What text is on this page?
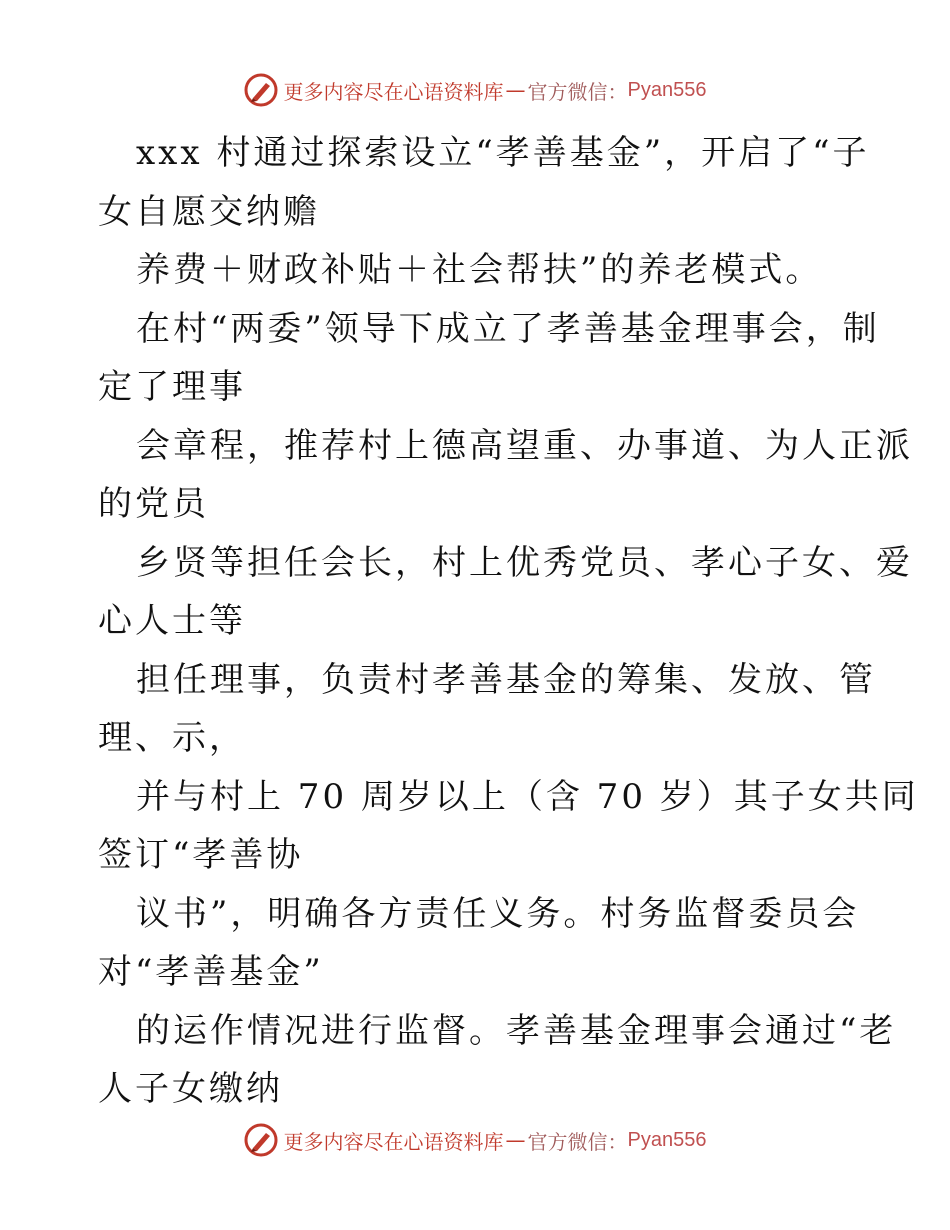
更多内容尽在心语资料库 — 官方微信： Pyan556
xxx 村通过探索设立“孝善基金”，开启了“子
女自愿交纳赡
养费＋财政补贴＋社会帮扶”的养老模式。
在村“两委”领导下成立了孝善基金理事会，制
定了理事
会章程，推荐村上德高望重、办事道、为人正派
的党员
乡贤等担任会长，村上优秀党员、孝心子女、爱
心人士等
担任理事，负责村孝善基金的筹集、发放、管
理、示，
并与村上 70 周岁以上（含 70 岁）其子女共同
签订“孝善协
议书”，明确各方责任义务。村务监督委员会
对“孝善基金”
的运作情况进行监督。孝善基金理事会通过“老
人子女缴纳
更多内容尽在心语资料库 — 官方微信： Pyan556
